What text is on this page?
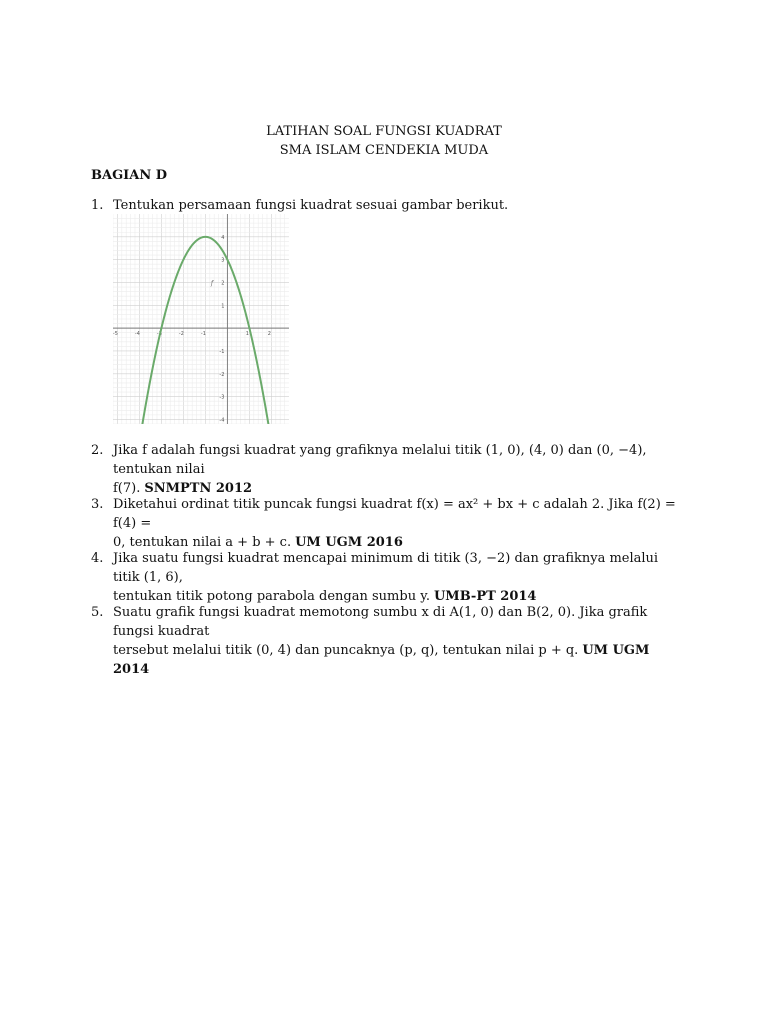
LATIHAN SOAL FUNGSI KUADRAT
SMA ISLAM CENDEKIA MUDA
BAGIAN D
1. Tentukan persamaan fungsi kuadrat sesuai gambar berikut.
-5	-4	-3	-2	-1	1	2
4
3
2
1
-1
-2
-3
-4
f
2. Jika f adalah fungsi kuadrat yang grafiknya melalui titik (1, 0), (4, 0) dan (0, −4), tentukan nilai
f(7). SNMPTN 2012
3. Diketahui ordinat titik puncak fungsi kuadrat f(x) = ax² + bx + c adalah 2. Jika f(2) = f(4) =
0, tentukan nilai a + b + c. UM UGM 2016
4. Jika suatu fungsi kuadrat mencapai minimum di titik (3, −2) dan grafiknya melalui titik (1, 6),
tentukan titik potong parabola dengan sumbu y. UMB-PT 2014
5. Suatu grafik fungsi kuadrat memotong sumbu x di A(1, 0) dan B(2, 0). Jika grafik fungsi kuadrat
tersebut melalui titik (0, 4) dan puncaknya (p, q), tentukan nilai p + q. UM UGM 2014
